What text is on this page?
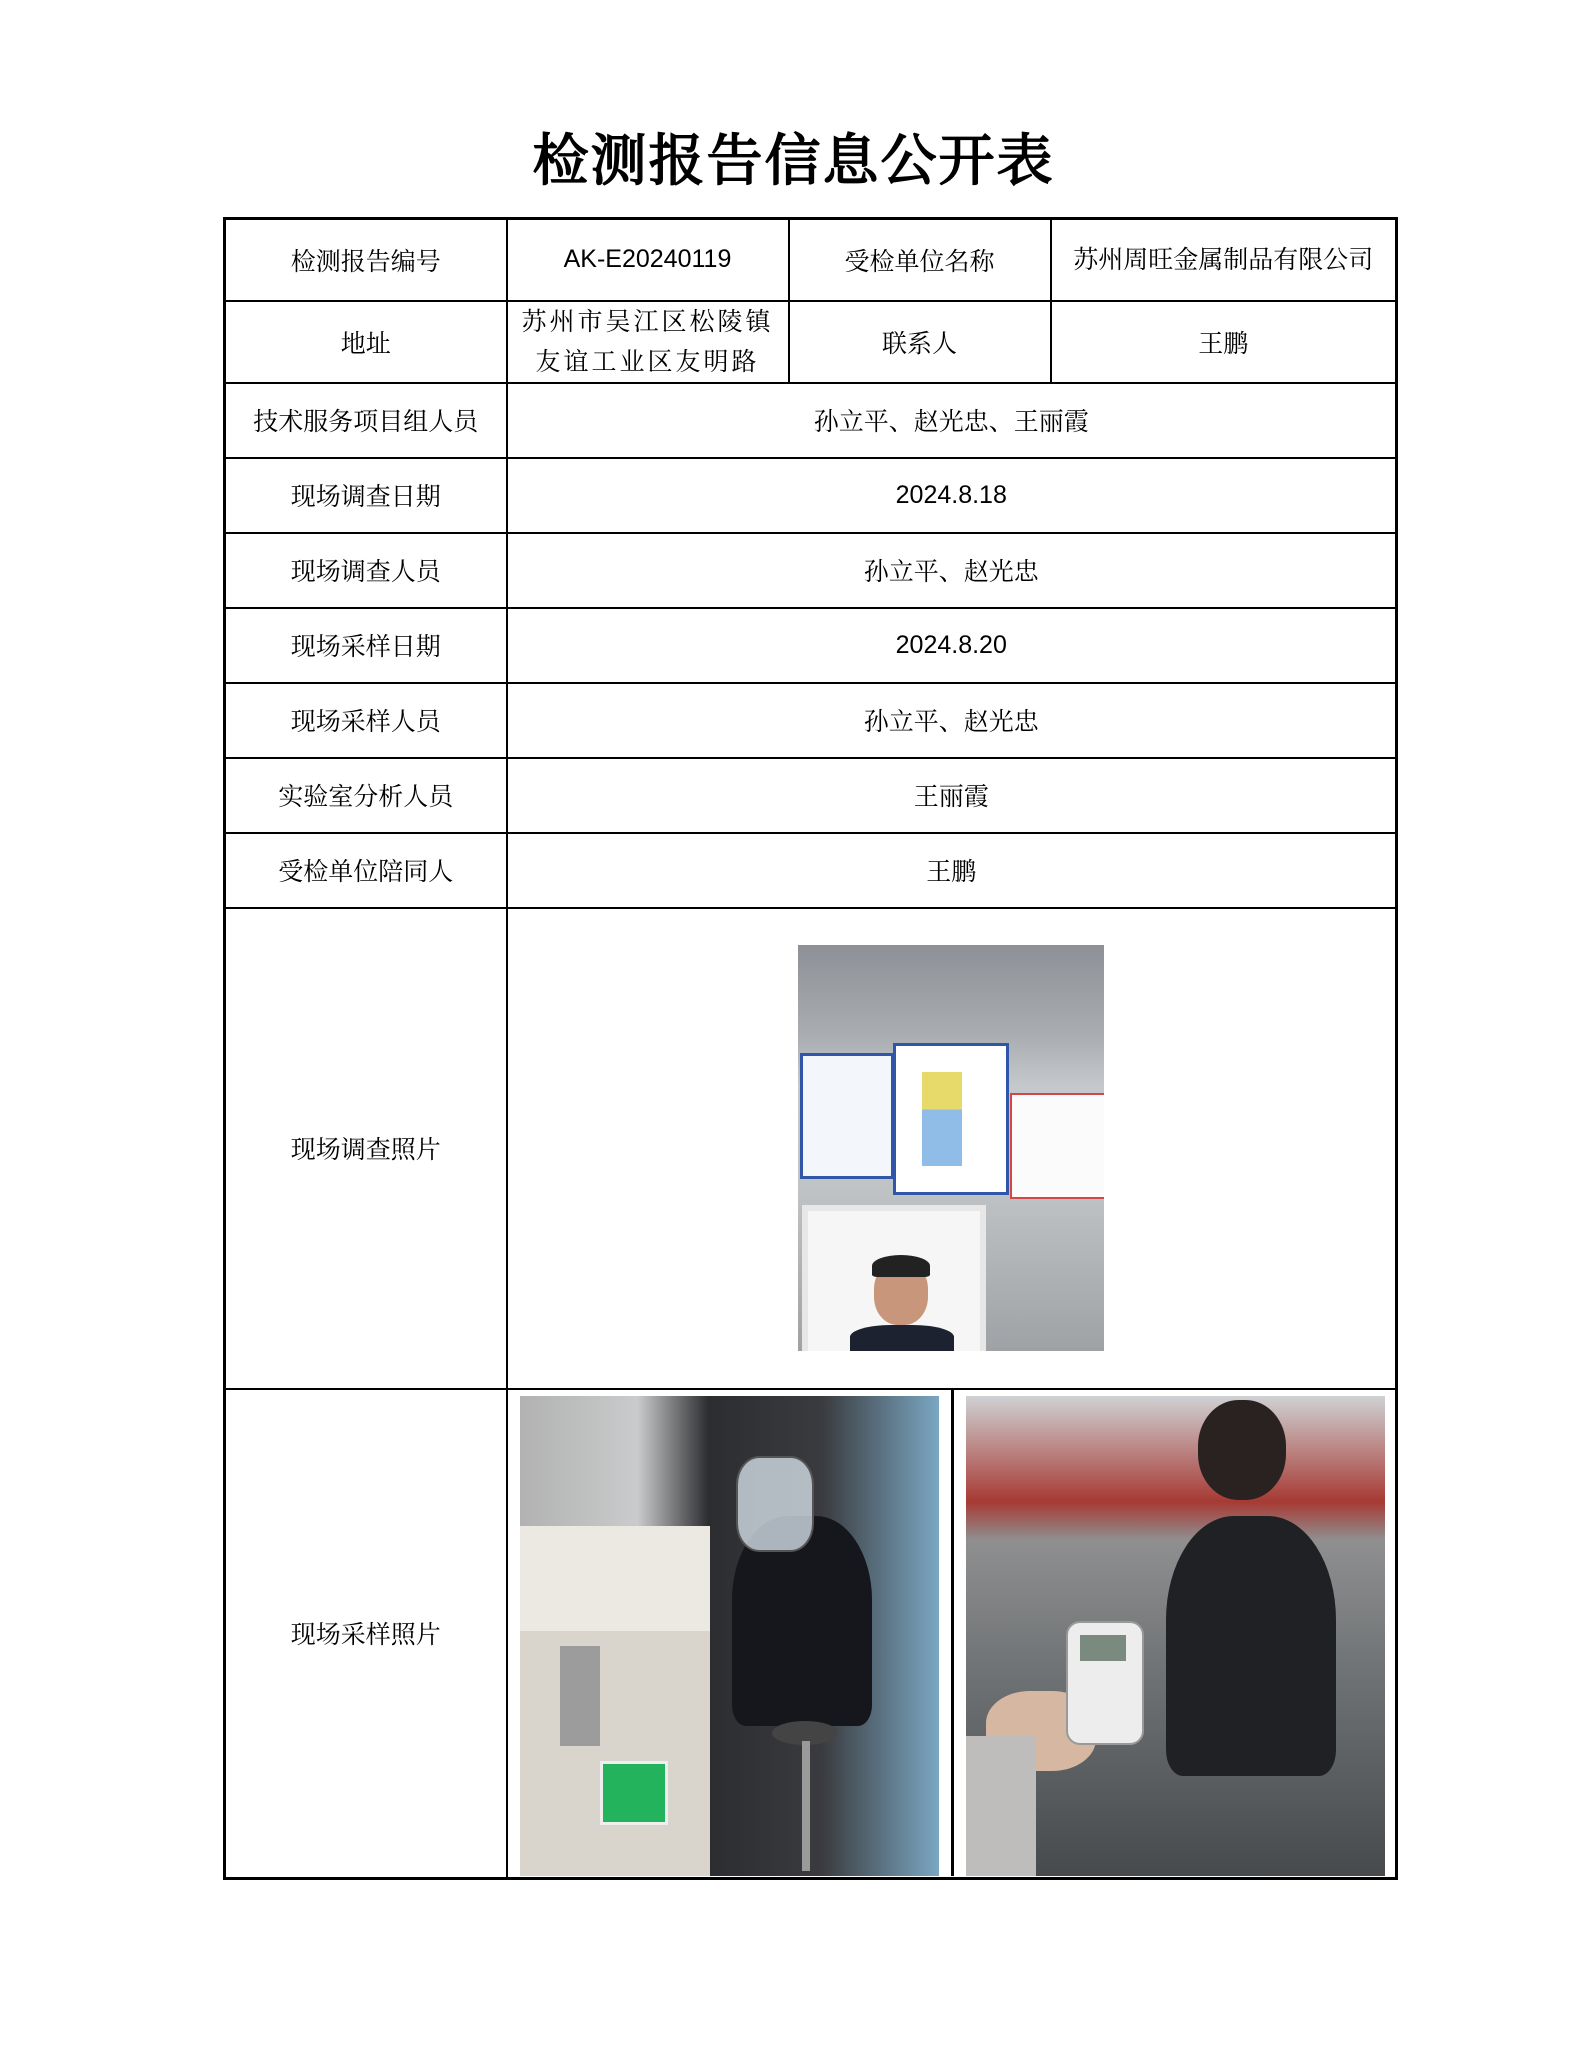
检测报告信息公开表
检测报告编号	AK-E20240119	受检单位名称	苏州周旺金属制品有限公司
地址	苏州市吴江区松陵镇友谊工业区友明路	联系人	王鹏
技术服务项目组人员	孙立平、赵光忠、王丽霞		
现场调查日期	2024.8.18		
现场调查人员	孙立平、赵光忠		
现场采样日期	2024.8.20		
现场采样人员	孙立平、赵光忠		
实验室分析人员	王丽霞		
受检单位陪同人	王鹏		
现场调查照片			

现场采样照片			
